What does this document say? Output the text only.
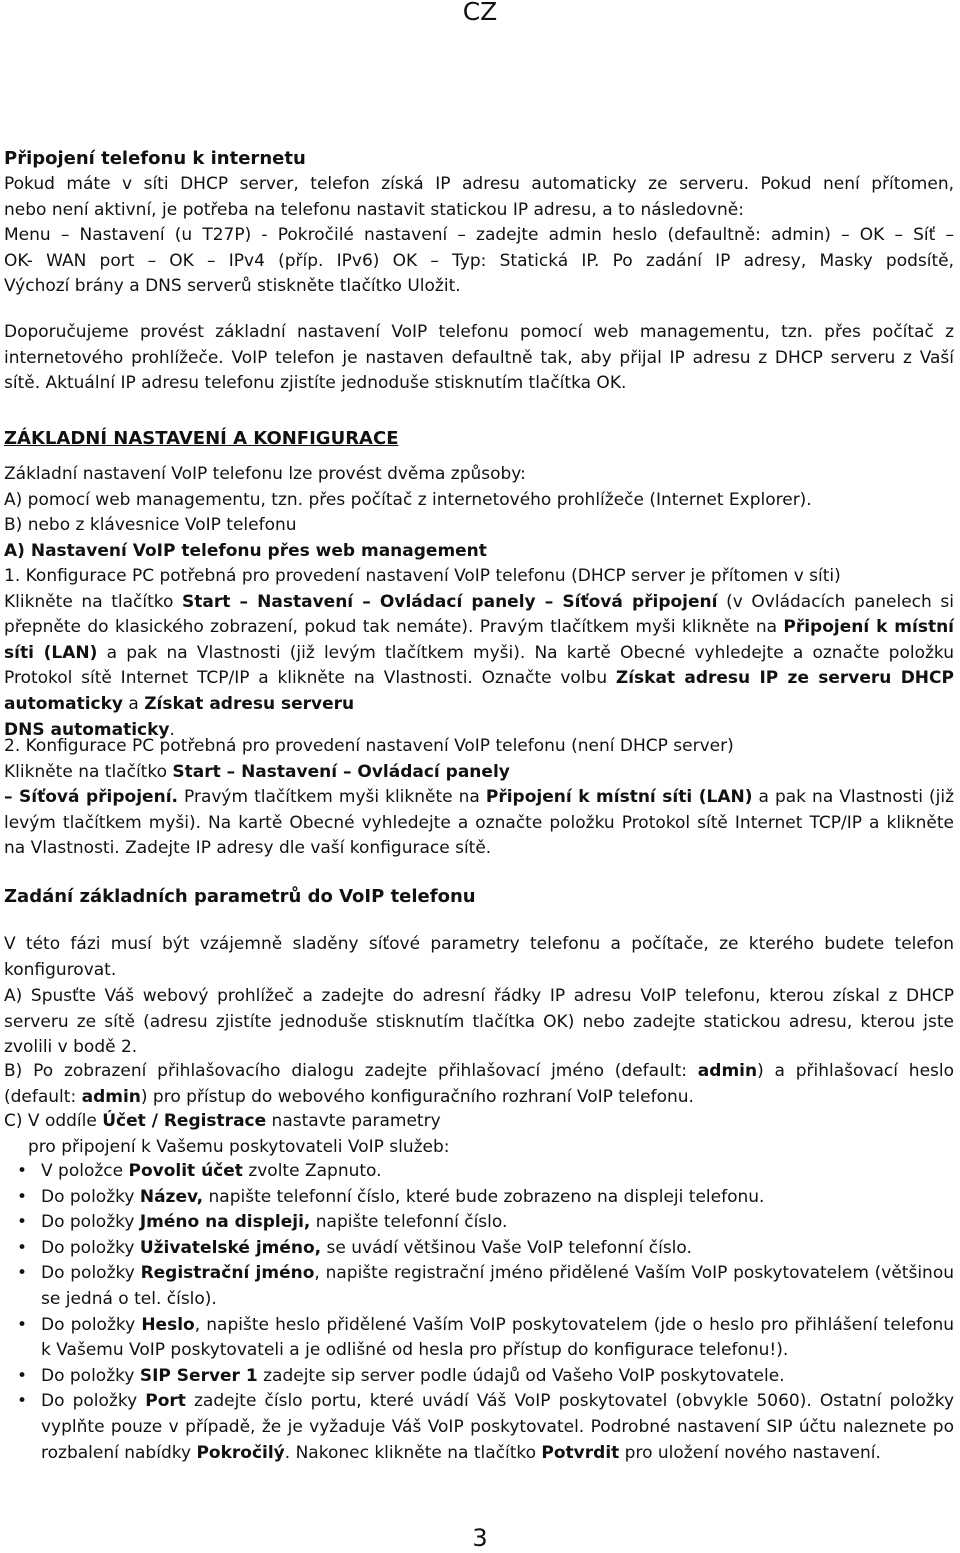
CZ
Připojení telefonu k internetu
Pokud máte v síti DHCP server, telefon získá IP adresu automaticky ze serveru. Pokud není přítomen,
nebo není aktivní, je potřeba na telefonu nastavit statickou IP adresu, a to následovně:
Menu – Nastavení (u T27P) - Pokročilé nastavení – zadejte admin heslo (defaultně: admin) – OK – Síť –
OK- WAN port – OK – IPv4 (příp. IPv6) OK – Typ: Statická IP. Po zadání IP adresy, Masky podsítě,
Výchozí brány a DNS serverů stiskněte tlačítko Uložit.

Doporučujeme provést základní nastavení VoIP telefonu pomocí web managementu, tzn. přes počítač z internetového prohlížeče. VoIP telefon je nastaven defaultně tak, aby přijal IP adresu z DHCP serveru z Vaší sítě. Aktuální IP adresu telefonu zjistíte jednoduše stisknutím tlačítka OK.

ZÁKLADNÍ NASTAVENÍ A KONFIGURACE
Základní nastavení VoIP telefonu lze provést dvěma způsoby:
A) pomocí web managementu, tzn. přes počítač z internetového prohlížeče (Internet Explorer).
B) nebo z klávesnice VoIP telefonu
A) Nastavení VoIP telefonu přes web management
1. Konfigurace PC potřebná pro provedení nastavení VoIP telefonu (DHCP server je přítomen v síti)
Klikněte na tlačítko Start – Nastavení – Ovládací panely – Síťová připojení (v Ovládacích panelech si přepněte do klasického zobrazení, pokud tak nemáte). Pravým tlačítkem myši klikněte na Připojení k místní síti (LAN) a pak na Vlastnosti (již levým tlačítkem myši). Na kartě Obecné vyhledejte a označte položku Protokol sítě Internet TCP/IP a klikněte na Vlastnosti. Označte volbu Získat adresu IP ze serveru DHCP automaticky a Získat adresu serveru
DNS automaticky.
2. Konfigurace PC potřebná pro provedení nastavení VoIP telefonu (není DHCP server)
Klikněte na tlačítko Start – Nastavení – Ovládací panely
– Síťová připojení. Pravým tlačítkem myši klikněte na Připojení k místní síti (LAN) a pak na Vlastnosti (již levým tlačítkem myši). Na kartě Obecné vyhledejte a označte položku Protokol sítě Internet TCP/IP a klikněte na Vlastnosti. Zadejte IP adresy dle vaší konfigurace sítě.
Zadání základních parametrů do VoIP telefonu
V této fázi musí být vzájemně sladěny síťové parametry telefonu a počítače, ze kterého budete telefon konfigurovat.
A) Spusťte Váš webový prohlížeč a zadejte do adresní řádky IP adresu VoIP telefonu, kterou získal z DHCP serveru ze sítě (adresu zjistíte jednoduše stisknutím tlačítka OK) nebo zadejte statickou adresu, kterou jste zvolili v bodě 2.
B) Po zobrazení přihlašovacího dialogu zadejte přihlašovací jméno (default: admin) a přihlašovací heslo (default: admin) pro přístup do webového konfiguračního rozhraní VoIP telefonu.
C) V oddíle Účet / Registrace nastavte parametry
pro připojení k Vašemu poskytovateli VoIP služeb:
• V položce Povolit účet zvolte Zapnuto.
• Do položky Název, napište telefonní číslo, které bude zobrazeno na displeji telefonu.
• Do položky Jméno na displeji, napište telefonní číslo.
• Do položky Uživatelské jméno, se uvádí většinou Vaše VoIP telefonní číslo.
• Do položky Registrační jméno, napište registrační jméno přidělené Vaším VoIP poskytovatelem (většinou se jedná o tel. číslo).
• Do položky Heslo, napište heslo přidělené Vaším VoIP poskytovatelem (jde o heslo pro přihlášení telefonu k Vašemu VoIP poskytovateli a je odlišné od hesla pro přístup do konfigurace telefonu!).
• Do položky SIP Server 1 zadejte sip server podle údajů od Vašeho VoIP poskytovatele.
• Do položky Port zadejte číslo portu, které uvádí Váš VoIP poskytovatel (obvykle 5060). Ostatní položky vyplňte pouze v případě, že je vyžaduje Váš VoIP poskytovatel. Podrobné nastavení SIP účtu naleznete po rozbalení nabídky Pokročilý. Nakonec klikněte na tlačítko Potvrdit pro uložení nového nastavení.
3
